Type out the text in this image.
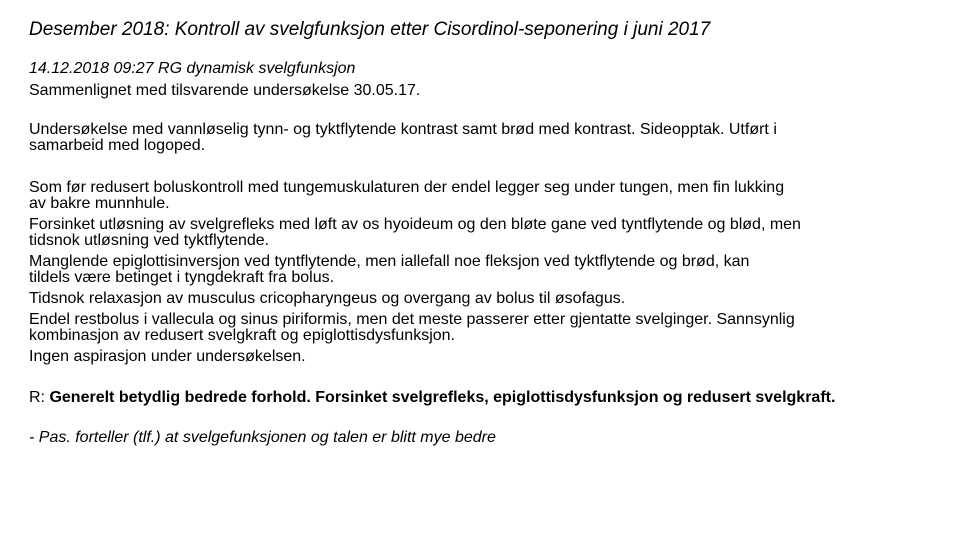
Desember 2018: Kontroll av svelgfunksjon etter Cisordinol-seponering i juni 2017
14.12.2018 09:27 RG dynamisk svelgfunksjon
Sammenlignet med tilsvarende undersøkelse 30.05.17.
Undersøkelse med vannløselig tynn- og tyktflytende kontrast samt brød med kontrast. Sideopptak. Utført i
samarbeid med logoped.
Som før redusert boluskontroll med tungemuskulaturen der endel legger seg under tungen, men fin lukking
av bakre munnhule.
Forsinket utløsning av svelgrefleks med løft av os hyoideum og den bløte gane ved tyntflytende og blød, men
tidsnok utløsning ved tyktflytende.
Manglende epiglottisinversjon ved tyntflytende, men iallefall noe fleksjon ved tyktflytende og brød, kan
tildels være betinget i tyngdekraft fra bolus.
Tidsnok relaxasjon av musculus cricopharyngeus og overgang av bolus til øsofagus.
Endel restbolus i vallecula og sinus piriformis, men det meste passerer etter gjentatte svelginger. Sannsynlig
kombinasjon av redusert svelgkraft og epiglottisdysfunksjon.
Ingen aspirasjon under undersøkelsen.
R: Generelt betydlig bedrede forhold. Forsinket svelgrefleks, epiglottisdysfunksjon og redusert svelgkraft.
- Pas. forteller (tlf.) at svelgefunksjonen og talen er blitt mye bedre
